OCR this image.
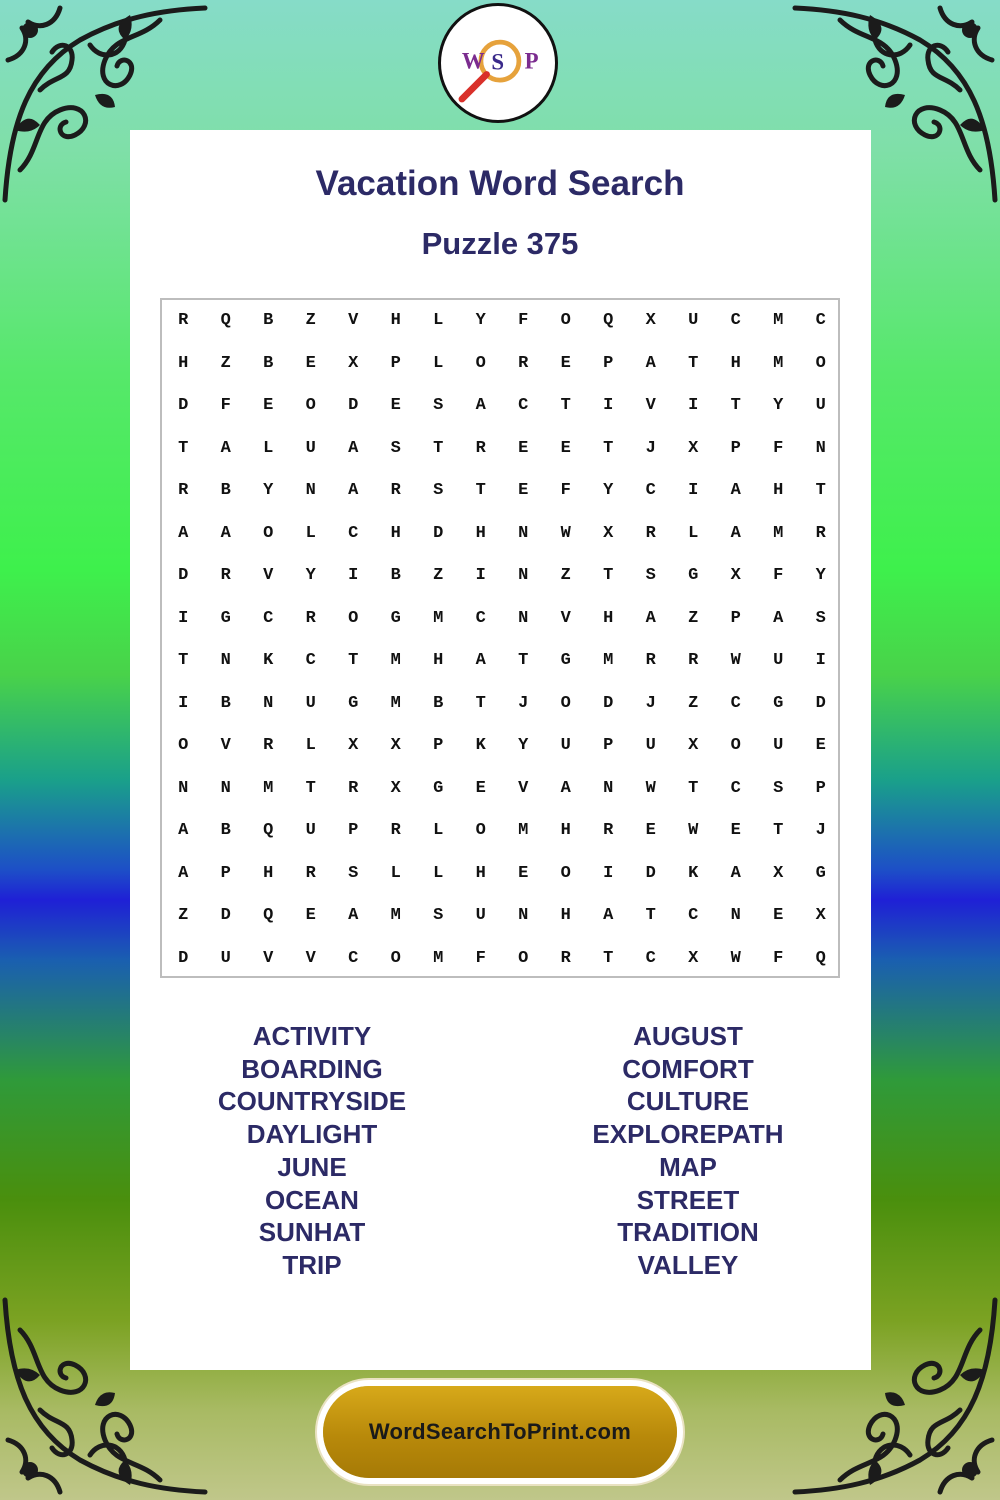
W S P
Vacation Word Search
Puzzle 375
R	Q	B	Z	V	H	L	Y	F	O	Q	X	U	C	M	C
H	Z	B	E	X	P	L	O	R	E	P	A	T	H	M	O
D	F	E	O	D	E	S	A	C	T	I	V	I	T	Y	U
T	A	L	U	A	S	T	R	E	E	T	J	X	P	F	N
R	B	Y	N	A	R	S	T	E	F	Y	C	I	A	H	T
A	A	O	L	C	H	D	H	N	W	X	R	L	A	M	R
D	R	V	Y	I	B	Z	I	N	Z	T	S	G	X	F	Y
I	G	C	R	O	G	M	C	N	V	H	A	Z	P	A	S
T	N	K	C	T	M	H	A	T	G	M	R	R	W	U	I
I	B	N	U	G	M	B	T	J	O	D	J	Z	C	G	D
O	V	R	L	X	X	P	K	Y	U	P	U	X	O	U	E
N	N	M	T	R	X	G	E	V	A	N	W	T	C	S	P
A	B	Q	U	P	R	L	O	M	H	R	E	W	E	T	J
A	P	H	R	S	L	L	H	E	O	I	D	K	A	X	G
Z	D	Q	E	A	M	S	U	N	H	A	T	C	N	E	X
D	U	V	V	C	O	M	F	O	R	T	C	X	W	F	Q
ACTIVITY
BOARDING
COUNTRYSIDE
DAYLIGHT
JUNE
OCEAN
SUNHAT
TRIP
AUGUST
COMFORT
CULTURE
EXPLOREPATH
MAP
STREET
TRADITION
VALLEY
WordSearchToPrint.com
